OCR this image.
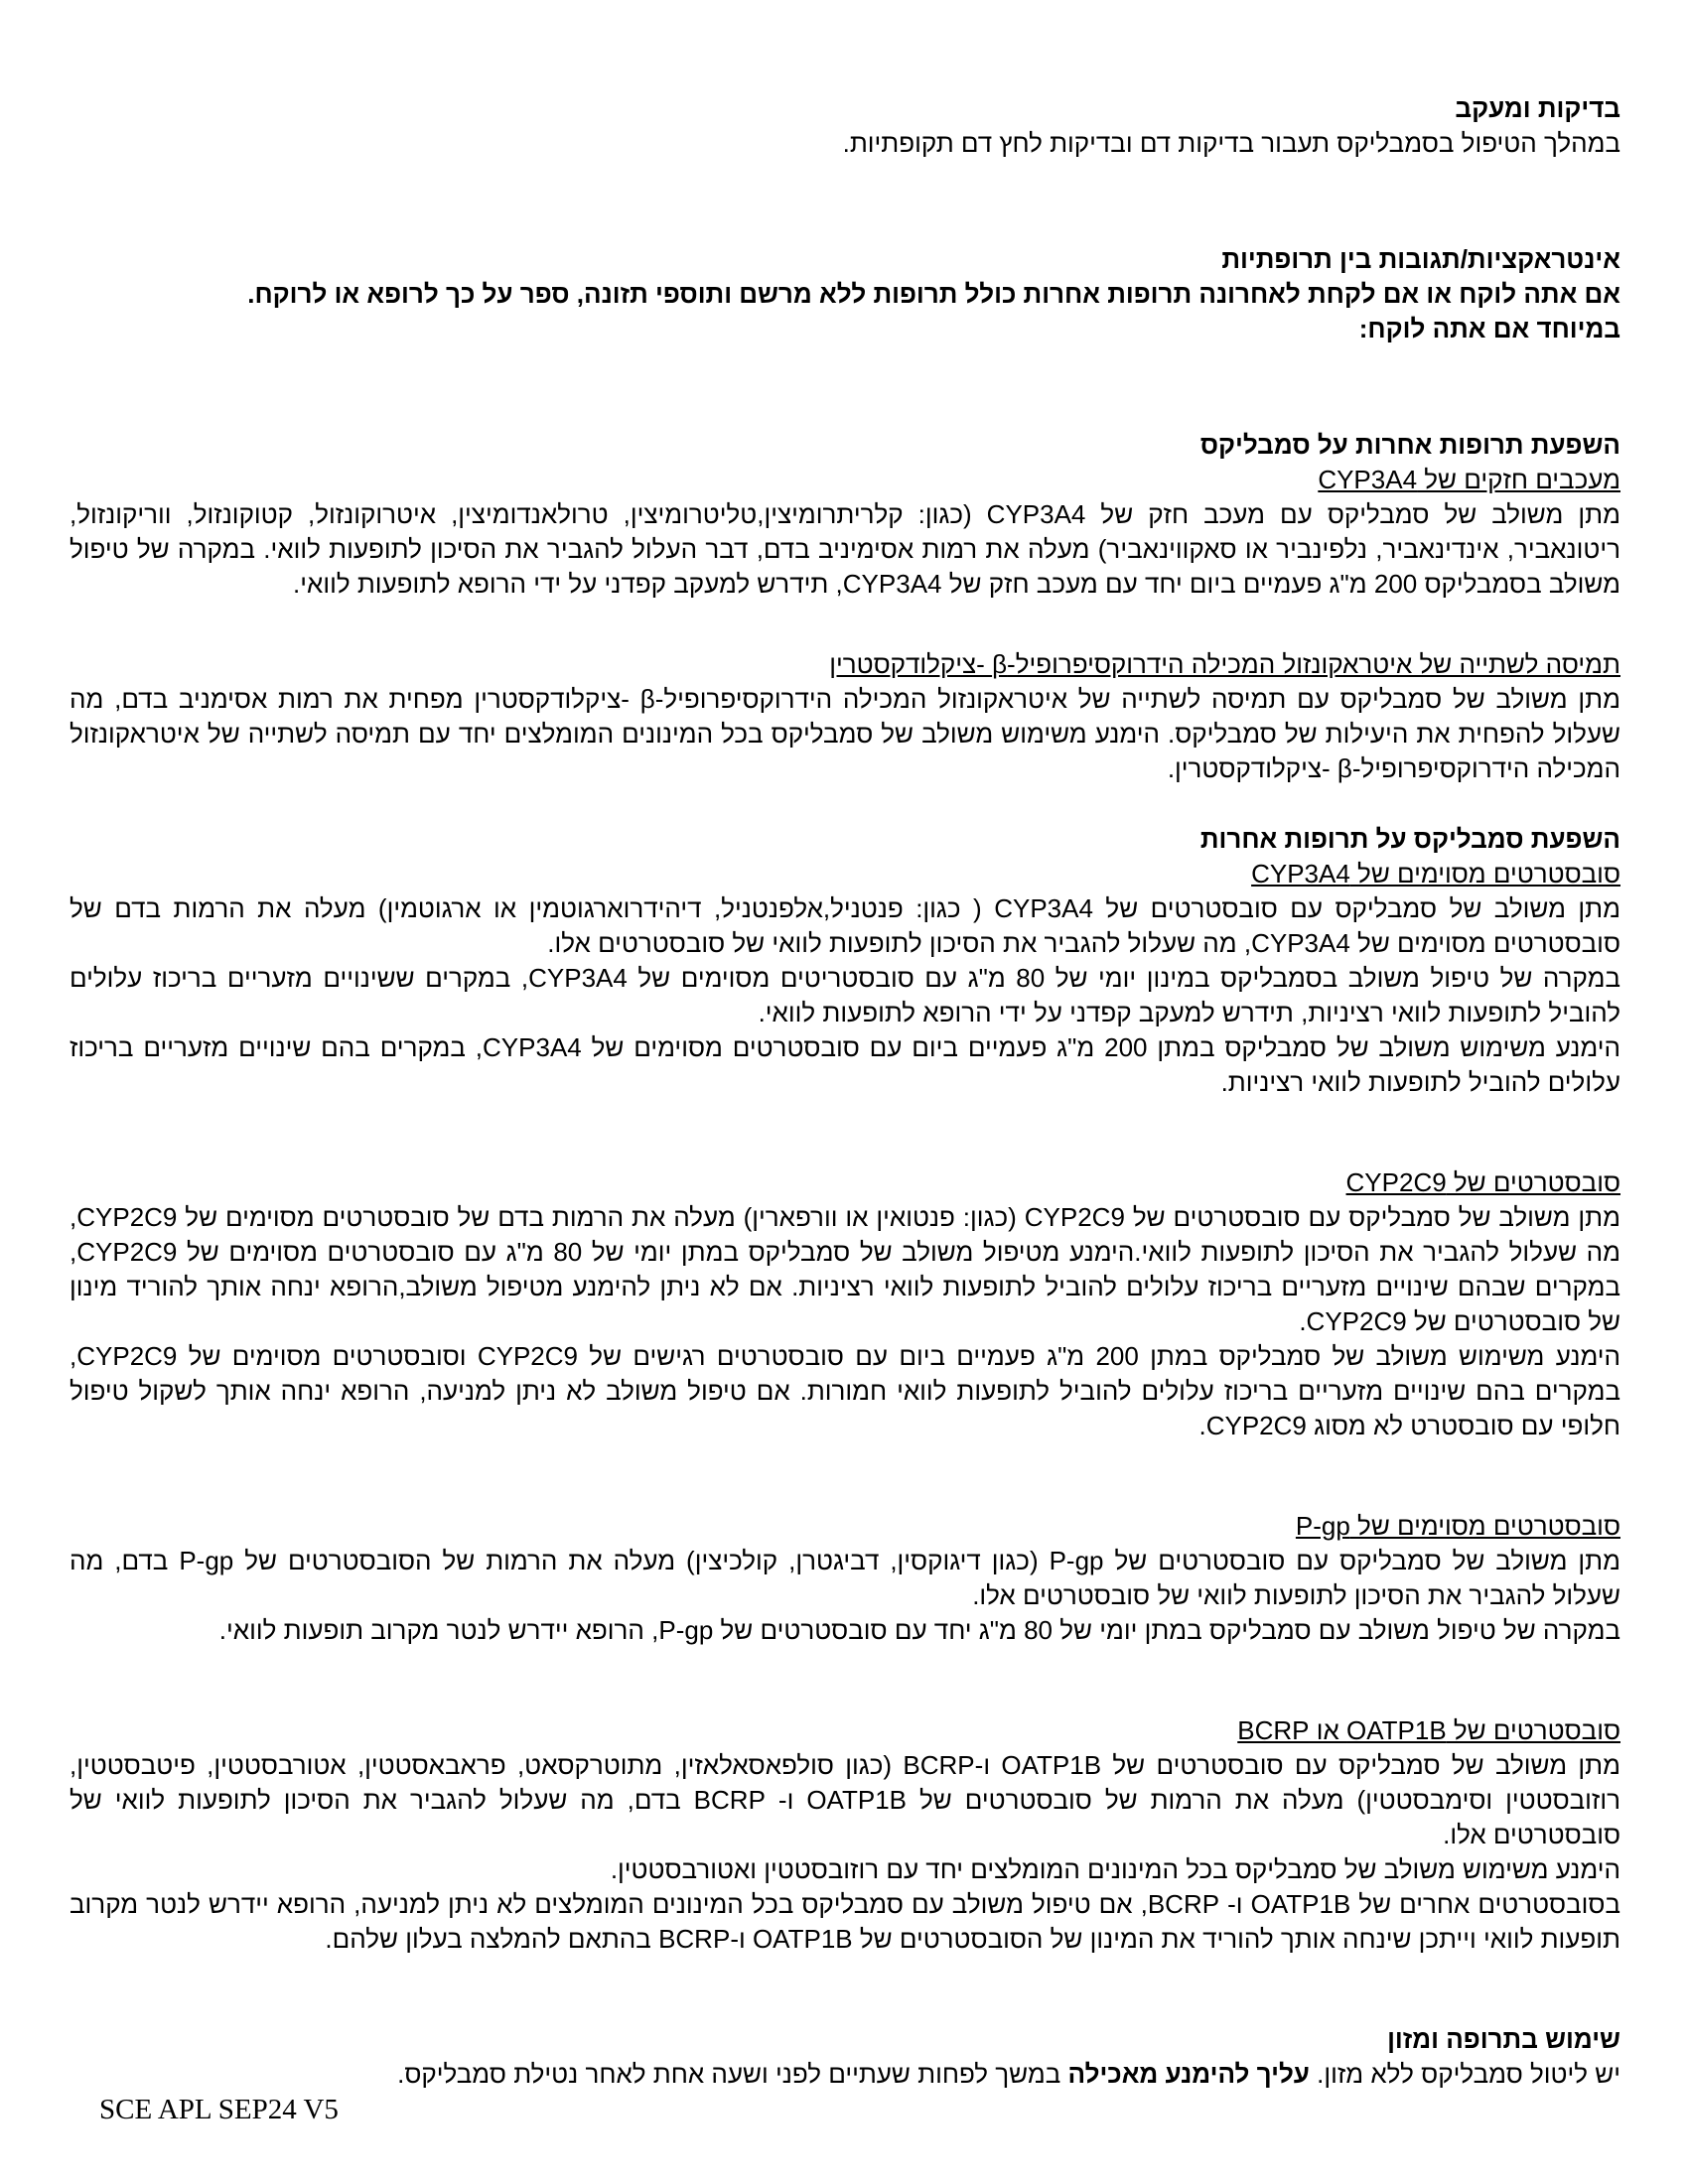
בדיקות ומעקב

במהלך הטיפול בסמבליקס תעבור בדיקות דם ובדיקות לחץ דם תקופתיות.

אינטראקציות/תגובות בין תרופתיות

אם אתה לוקח או אם לקחת לאחרונה תרופות אחרות כולל תרופות ללא מרשם ותוספי תזונה, ספר על כך לרופא או לרוקח.

במיוחד אם אתה לוקח:

השפעת תרופות אחרות על סמבליקס

מעכבים חזקים של CYP3A4

מתן משולב של סמבליקס עם מעכב חזק של CYP3A4 (כגון: קלריתרומיצין,טליטרומיצין, טרולאנדומיצין, איטרוקונזול, קטוקונזול, ווריקונזול, ריטונאביר, אינדינאביר, נלפינביר או סאקווינאביר) מעלה את רמות אסימיניב בדם, דבר העלול להגביר את הסיכון לתופעות לוואי. במקרה של טיפול משולב בסמבליקס 200 מ"ג פעמיים ביום יחד עם מעכב חזק של CYP3A4, תידרש למעקב קפדני על ידי הרופא לתופעות לוואי.

תמיסה לשתייה של איטראקונזול המכילה הידרוקסיפרופיל-β -ציקלודקסטרין

מתן משולב של סמבליקס עם תמיסה לשתייה של איטראקונזול המכילה הידרוקסיפרופיל-β -ציקלודקסטרין מפחית את רמות אסימניב בדם, מה שעלול להפחית את היעילות של סמבליקס. הימנע משימוש משולב של סמבליקס בכל המינונים המומלצים יחד עם תמיסה לשתייה של איטראקונזול המכילה הידרוקסיפרופיל-β -ציקלודקסטרין.

השפעת סמבליקס על תרופות אחרות

סובסטרטים מסוימים של CYP3A4

מתן משולב של סמבליקס עם סובסטרטים של CYP3A4 ( כגון: פנטניל,אלפנטניל, דיהידרוארגוטמין או ארגוטמין) מעלה את הרמות בדם של סובסטרטים מסוימים של CYP3A4, מה שעלול להגביר את הסיכון לתופעות לוואי של סובסטרטים אלו.

במקרה של טיפול משולב בסמבליקס במינון יומי של 80 מ"ג עם סובסטריטים מסוימים של CYP3A4, במקרים ששינויים מזעריים בריכוז עלולים להוביל לתופעות לוואי רציניות, תידרש למעקב קפדני על ידי הרופא לתופעות לוואי.

הימנע משימוש משולב של סמבליקס במתן 200 מ"ג פעמיים ביום עם סובסטרטים מסוימים של CYP3A4, במקרים בהם שינויים מזעריים בריכוז עלולים להוביל לתופעות לוואי רציניות.

סובסטרטים של CYP2C9

מתן משולב של סמבליקס עם סובסטרטים של CYP2C9 (כגון: פנטואין או וורפארין) מעלה את הרמות בדם של סובסטרטים מסוימים של CYP2C9, מה שעלול להגביר את הסיכון לתופעות לוואי.הימנע מטיפול משולב של סמבליקס במתן יומי של 80 מ"ג עם סובסטרטים מסוימים של CYP2C9, במקרים שבהם שינויים מזעריים בריכוז עלולים להוביל לתופעות לוואי רציניות. אם לא ניתן להימנע מטיפול משולב,הרופא ינחה אותך להוריד מינון של סובסטרטים של CYP2C9.

הימנע משימוש משולב של סמבליקס במתן 200 מ"ג פעמיים ביום עם סובסטרטים רגישים של CYP2C9 וסובסטרטים מסוימים של CYP2C9, במקרים בהם שינויים מזעריים בריכוז עלולים להוביל לתופעות לוואי חמורות. אם טיפול משולב לא ניתן למניעה, הרופא ינחה אותך לשקול טיפול חלופי עם סובסטרט לא מסוג CYP2C9.

סובסטרטים מסוימים של P-gp

מתן משולב של סמבליקס עם סובסטרטים של P-gp (כגון דיגוקסין, דביגטרן, קולכיצין) מעלה את הרמות של הסובסטרטים של P-gp בדם, מה שעלול להגביר את הסיכון לתופעות לוואי של סובסטרטים אלו.

במקרה של טיפול משולב עם סמבליקס במתן יומי של 80 מ"ג יחד עם סובסטרטים של P-gp, הרופא יידרש לנטר מקרוב תופעות לוואי.

סובסטרטים של OATP1B או BCRP

מתן משולב של סמבליקס עם סובסטרטים של OATP1B ו-BCRP (כגון סולפאסאלאזין, מתוטרקסאט, פראבאסטטין, אטורבסטטין, פיטבסטטין, רוזובסטטין וסימבסטטין) מעלה את הרמות של סובסטרטים של OATP1B ו- BCRP בדם, מה שעלול להגביר את הסיכון לתופעות לוואי של סובסטרטים אלו.

הימנע משימוש משולב של סמבליקס בכל המינונים המומלצים יחד עם רוזובסטטין ואטורבסטטין.

בסובסטרטים אחרים של OATP1B ו- BCRP, אם טיפול משולב עם סמבליקס בכל המינונים המומלצים לא ניתן למניעה, הרופא יידרש לנטר מקרוב תופעות לוואי וייתכן שינחה אותך להוריד את המינון של הסובסטרטים של OATP1B ו-BCRP בהתאם להמלצה בעלון שלהם.

שימוש בתרופה ומזון

יש ליטול סמבליקס ללא מזון. עליך להימנע מאכילה במשך לפחות שעתיים לפני ושעה אחת לאחר נטילת סמבליקס.

SCE APL SEP24 V5
